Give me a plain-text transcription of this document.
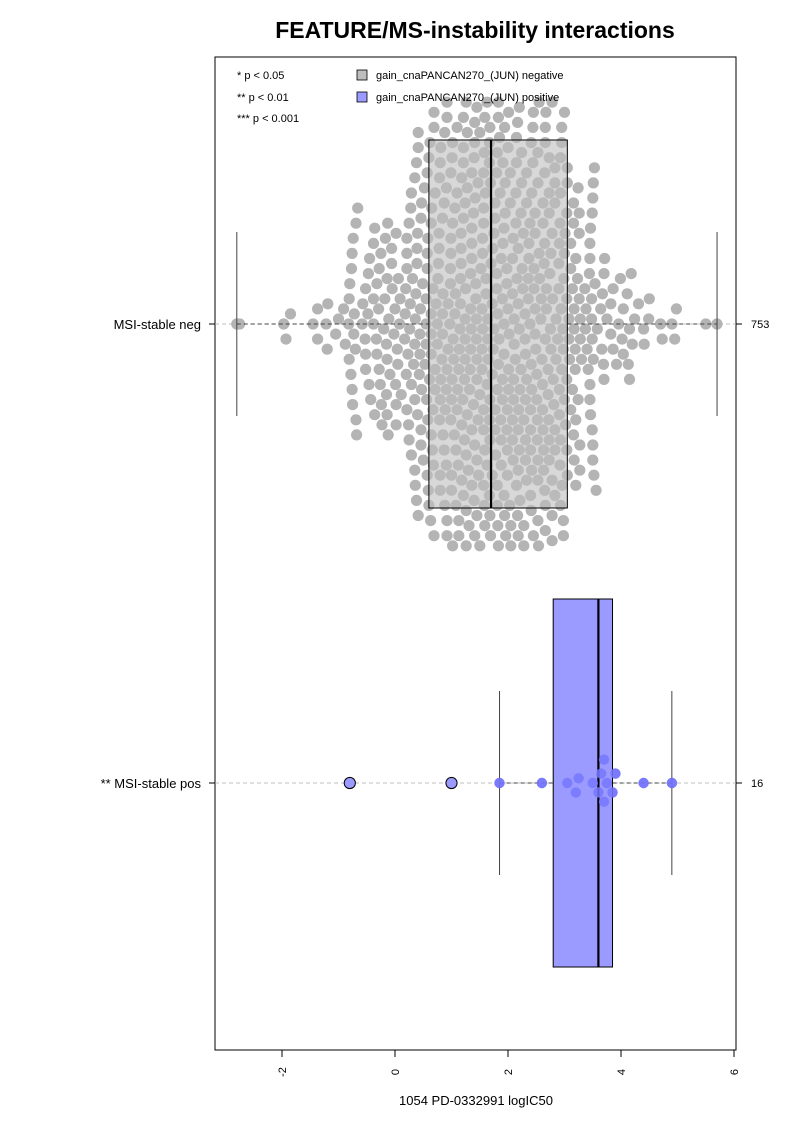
FEATURE/MS-instability interactions
* p < 0.05
** p < 0.01
*** p < 0.001
gain_cnaPANCAN270_(JUN) negative
gain_cnaPANCAN270_(JUN) positive
MSI-stable neg
** MSI-stable pos
753
16
-2	0	2	4	6
1054 PD-0332991 logIC50
